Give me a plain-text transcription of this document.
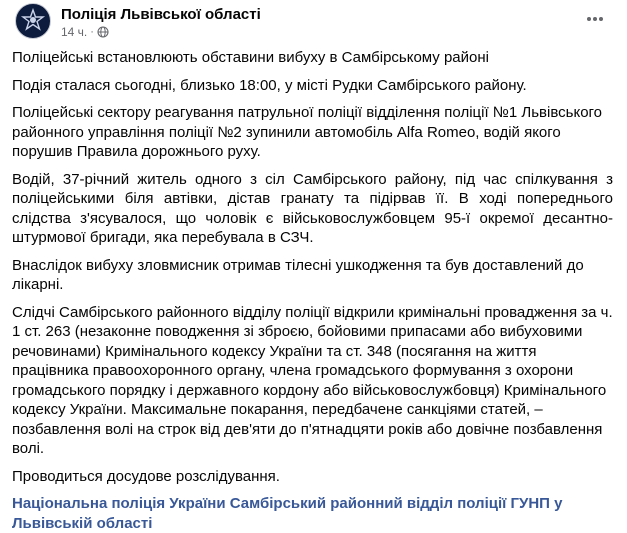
Поліція Львівської області
14 ч. ·

Поліцейські встановлюють обставини вибуху в Самбірському районі

Подія сталася сьогодні, близько 18:00, у місті Рудки Самбірського району.

Поліцейські сектору реагування патрульної поліції відділення поліції №1 Львівського районного управління поліції №2 зупинили автомобіль Alfa Romeo, водій якого порушив Правила дорожнього руху.

Водій, 37-річний житель одного з сіл Самбірського району, під час спілкування з поліцейськими біля автівки, дістав гранату та підірвав її. В ході попереднього слідства з'ясувалося, що чоловік є військовослужбовцем 95-ї окремої десантно-штурмової бригади, яка перебувала в СЗЧ.

Внаслідок вибуху зловмисник отримав тілесні ушкодження та був доставлений до лікарні.

Слідчі Самбірського районного відділу поліції відкрили кримінальні провадження за ч. 1 ст. 263 (незаконне поводження зі зброєю, бойовими припасами або вибуховими речовинами) Кримінального кодексу України та ст. 348 (посягання на життя працівника правоохоронного органу, члена громадського формування з охорони громадського порядку і державного кордону або військовослужбовця) Кримінального кодексу України. Максимальне покарання, передбачене санкціями статей, – позбавлення волі на строк від дев'яти до п'ятнадцяти років або довічне позбавлення волі.

Проводиться досудове розслідування.

Національна поліція України Самбірський районний відділ поліції ГУНП у Львівській області
